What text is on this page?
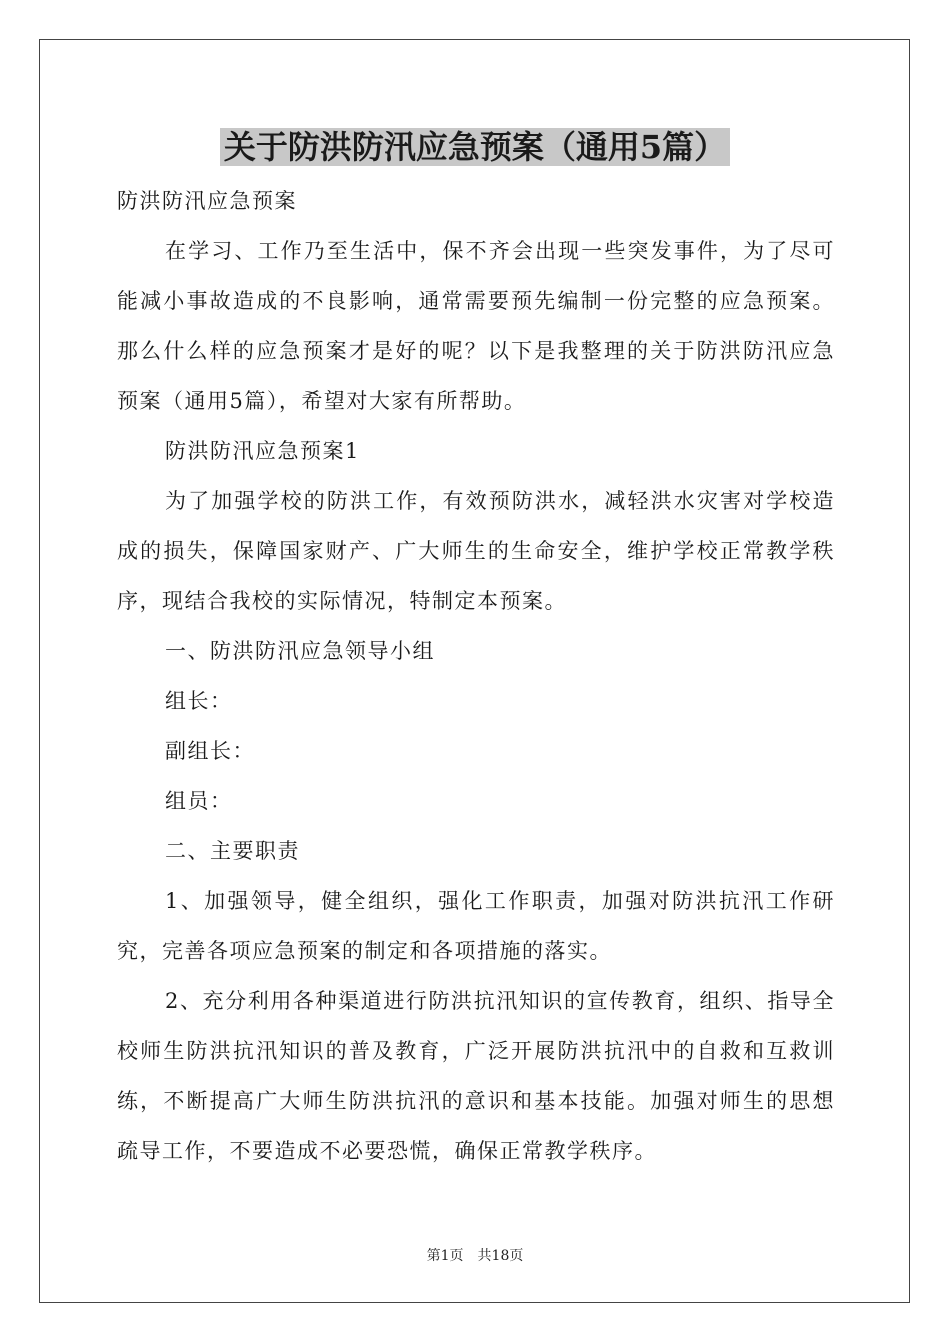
关于防洪防汛应急预案（通用5篇）

防洪防汛应急预案

在学习、工作乃至生活中，保不齐会出现一些突发事件，为了尽可能减小事故造成的不良影响，通常需要预先编制一份完整的应急预案。那么什么样的应急预案才是好的呢？以下是我整理的关于防洪防汛应急预案（通用5篇），希望对大家有所帮助。

防洪防汛应急预案1

为了加强学校的防洪工作，有效预防洪水，减轻洪水灾害对学校造成的损失，保障国家财产、广大师生的生命安全，维护学校正常教学秩序，现结合我校的实际情况，特制定本预案。

一、防洪防汛应急领导小组

组长：

副组长：

组员：

二、主要职责

1、加强领导，健全组织，强化工作职责，加强对防洪抗汛工作研究，完善各项应急预案的制定和各项措施的落实。

2、充分利用各种渠道进行防洪抗汛知识的宣传教育，组织、指导全校师生防洪抗汛知识的普及教育，广泛开展防洪抗汛中的自救和互救训练，不断提高广大师生防洪抗汛的意识和基本技能。加强对师生的思想疏导工作，不要造成不必要恐慌，确保正常教学秩序。

第1页 共18页
